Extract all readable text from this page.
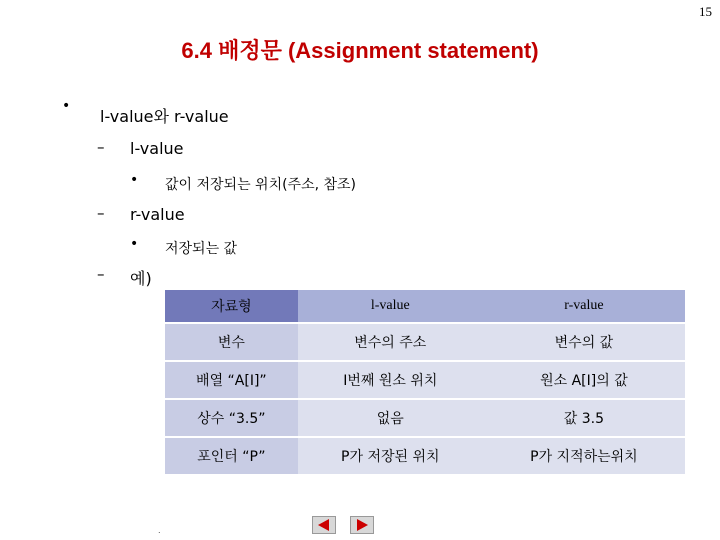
15
6.4 배정문 (Assignment statement)
•
l-value와 r-value
– l-value
• 값이 저장되는 위치(주소, 참조)
– r-value
• 저장되는 값
– 예)
자료형	l-value	r-value
변수	변수의 주소	변수의 값
배열 “A[I]”	I번째 원소 위치	원소 A[I]의 값
상수 “3.5”	없음	값 3.5
포인터 “P”	P가 저장된 위치	P가 지적하는위치
.
